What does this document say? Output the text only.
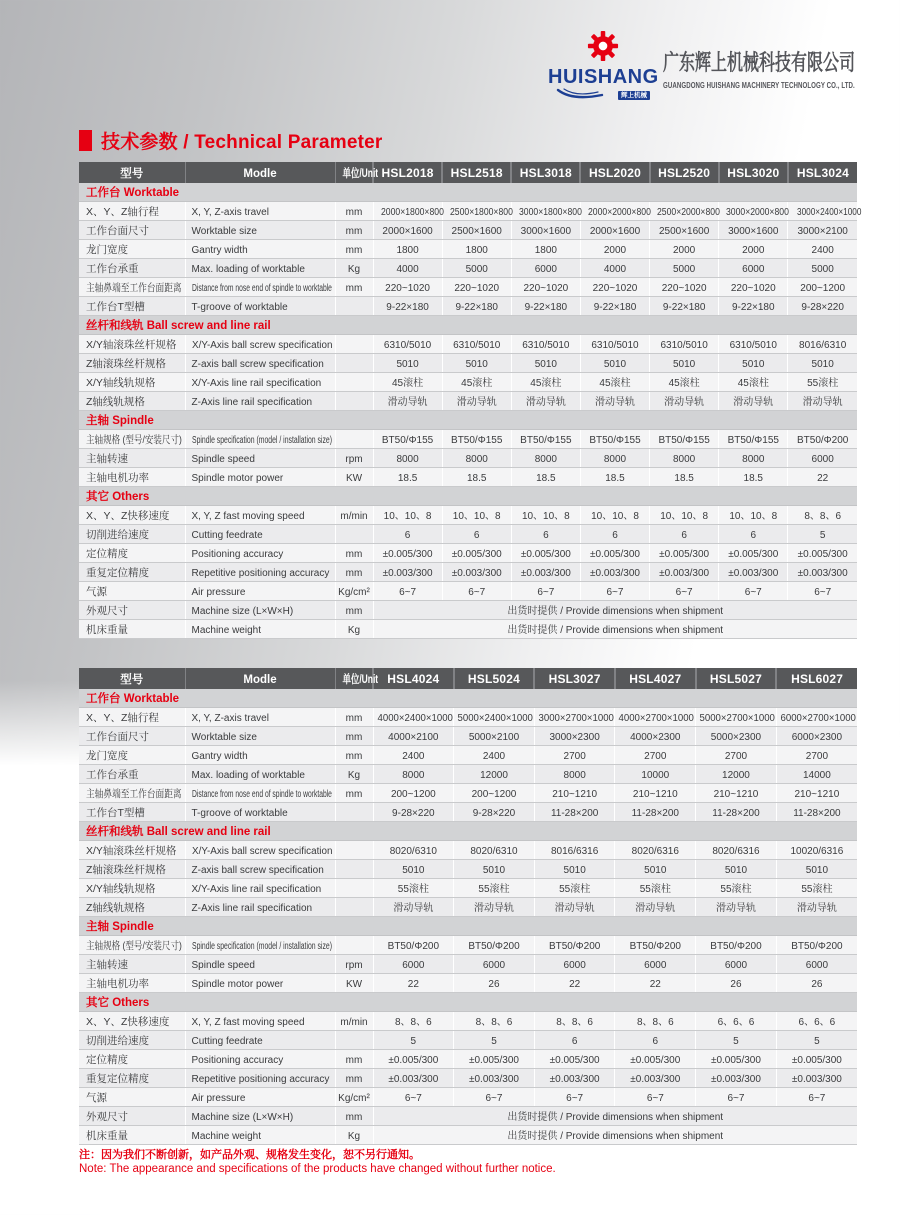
HUISHANG
辉上机械
广东辉上机械科技有限公司
GUANGDONG HUISHANG MACHINERY TECHNOLOGY CO., LTD.
技术参数 / Technical Parameter
型号	Modle	单位/Unit	HSL2018	HSL2518	HSL3018	HSL2020	HSL2520	HSL3020	HSL3024
工作台 Worktable									
X、Y、Z轴行程	X, Y, Z-axis travel	mm	2000×1800×800	2500×1800×800	3000×1800×800	2000×2000×800	2500×2000×800	3000×2000×800	3000×2400×1000
工作台面尺寸	Worktable size	mm	2000×1600	2500×1600	3000×1600	2000×1600	2500×1600	3000×1600	3000×2100
龙门宽度	Gantry width	mm	1800	1800	1800	2000	2000	2000	2400
工作台承重	Max. loading of worktable	Kg	4000	5000	6000	4000	5000	6000	5000
主轴鼻端至工作台面距离	Distance from nose end of spindle to worktable	mm	220~1020	220~1020	220~1020	220~1020	220~1020	220~1020	200~1200
工作台T型槽	T-groove of worktable		9-22×180	9-22×180	9-22×180	9-22×180	9-22×180	9-22×180	9-28×220
丝杆和线轨 Ball screw and line rail									
X/Y轴滚珠丝杆规格	X/Y-Axis ball screw specification		6310/5010	6310/5010	6310/5010	6310/5010	6310/5010	6310/5010	8016/6310
Z轴滚珠丝杆规格	Z-axis ball screw specification		5010	5010	5010	5010	5010	5010	5010
X/Y轴线轨规格	X/Y-Axis line rail specification		45滚柱	45滚柱	45滚柱	45滚柱	45滚柱	45滚柱	55滚柱
Z轴线轨规格	Z-Axis line rail specification		滑动导轨	滑动导轨	滑动导轨	滑动导轨	滑动导轨	滑动导轨	滑动导轨
主轴 Spindle									
主轴规格 (型号/安装尺寸)	Spindle specification (model / installation size)		BT50/Φ155	BT50/Φ155	BT50/Φ155	BT50/Φ155	BT50/Φ155	BT50/Φ155	BT50/Φ200
主轴转速	Spindle speed	rpm	8000	8000	8000	8000	8000	8000	6000
主轴电机功率	Spindle motor power	KW	18.5	18.5	18.5	18.5	18.5	18.5	22
其它 Others									
X、Y、Z快移速度	X, Y, Z fast moving speed	m/min	10、10、8	10、10、8	10、10、8	10、10、8	10、10、8	10、10、8	8、8、6
切削进给速度	Cutting feedrate		6	6	6	6	6	6	5
定位精度	Positioning accuracy	mm	±0.005/300	±0.005/300	±0.005/300	±0.005/300	±0.005/300	±0.005/300	±0.005/300
重复定位精度	Repetitive positioning accuracy	mm	±0.003/300	±0.003/300	±0.003/300	±0.003/300	±0.003/300	±0.003/300	±0.003/300
气源	Air pressure	Kg/cm²	6~7	6~7	6~7	6~7	6~7	6~7	6~7
外观尺寸	Machine size (L×W×H)	mm	出货时提供 / Provide dimensions when shipment						
机床重量	Machine weight	Kg	出货时提供 / Provide dimensions when shipment						
型号	Modle	单位/Unit	HSL4024	HSL5024	HSL3027	HSL4027	HSL5027	HSL6027
工作台 Worktable								
X、Y、Z轴行程	X, Y, Z-axis travel	mm	4000×2400×1000	5000×2400×1000	3000×2700×1000	4000×2700×1000	5000×2700×1000	6000×2700×1000
工作台面尺寸	Worktable size	mm	4000×2100	5000×2100	3000×2300	4000×2300	5000×2300	6000×2300
龙门宽度	Gantry width	mm	2400	2400	2700	2700	2700	2700
工作台承重	Max. loading of worktable	Kg	8000	12000	8000	10000	12000	14000
主轴鼻端至工作台面距离	Distance from nose end of spindle to worktable	mm	200~1200	200~1200	210~1210	210~1210	210~1210	210~1210
工作台T型槽	T-groove of worktable		9-28×220	9-28×220	11-28×200	11-28×200	11-28×200	11-28×200
丝杆和线轨 Ball screw and line rail								
X/Y轴滚珠丝杆规格	X/Y-Axis ball screw specification		8020/6310	8020/6310	8016/6316	8020/6316	8020/6316	10020/6316
Z轴滚珠丝杆规格	Z-axis ball screw specification		5010	5010	5010	5010	5010	5010
X/Y轴线轨规格	X/Y-Axis line rail specification		55滚柱	55滚柱	55滚柱	55滚柱	55滚柱	55滚柱
Z轴线轨规格	Z-Axis line rail specification		滑动导轨	滑动导轨	滑动导轨	滑动导轨	滑动导轨	滑动导轨
主轴 Spindle								
主轴规格 (型号/安装尺寸)	Spindle specification (model / installation size)		BT50/Φ200	BT50/Φ200	BT50/Φ200	BT50/Φ200	BT50/Φ200	BT50/Φ200
主轴转速	Spindle speed	rpm	6000	6000	6000	6000	6000	6000
主轴电机功率	Spindle motor power	KW	22	26	22	22	26	26
其它 Others								
X、Y、Z快移速度	X, Y, Z fast moving speed	m/min	8、8、6	8、8、6	8、8、6	8、8、6	6、6、6	6、6、6
切削进给速度	Cutting feedrate		5	5	6	6	5	5
定位精度	Positioning accuracy	mm	±0.005/300	±0.005/300	±0.005/300	±0.005/300	±0.005/300	±0.005/300
重复定位精度	Repetitive positioning accuracy	mm	±0.003/300	±0.003/300	±0.003/300	±0.003/300	±0.003/300	±0.003/300
气源	Air pressure	Kg/cm²	6~7	6~7	6~7	6~7	6~7	6~7
外观尺寸	Machine size (L×W×H)	mm	出货时提供 / Provide dimensions when shipment					
机床重量	Machine weight	Kg	出货时提供 / Provide dimensions when shipment					
注：因为我们不断创新，如产品外观、规格发生变化，恕不另行通知。
Note: The appearance and specifications of the products have changed without further notice.
